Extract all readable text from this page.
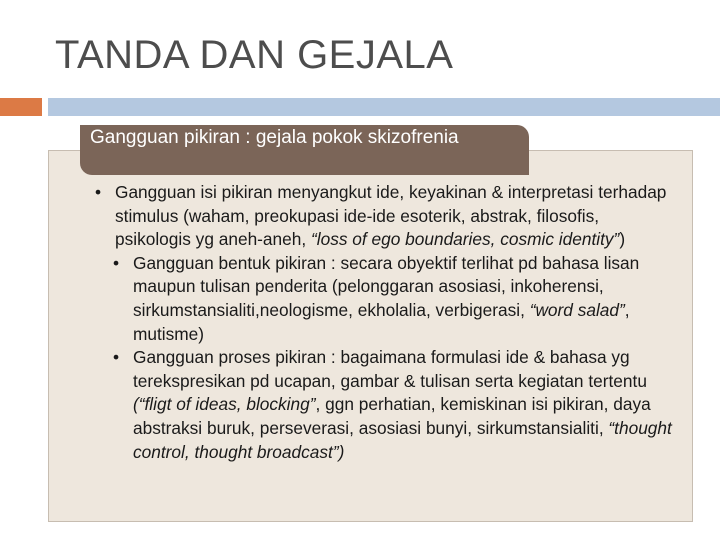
TANDA DAN GEJALA
Gangguan pikiran : gejala pokok skizofrenia
• Gangguan isi pikiran menyangkut ide, keyakinan & interpretasi terhadap stimulus (waham, preokupasi ide-ide esoterik, abstrak, filosofis, psikologis yg aneh-aneh, “loss of ego boundaries, cosmic identity”)
• Gangguan bentuk pikiran : secara obyektif terlihat pd bahasa lisan maupun tulisan penderita (pelonggaran asosiasi, inkoherensi, sirkumstansialiti,neologisme, ekholalia, verbigerasi, “word salad”, mutisme)
• Gangguan proses pikiran : bagaimana formulasi ide & bahasa yg terekspresikan pd ucapan, gambar & tulisan serta kegiatan tertentu (“fligt of ideas, blocking”, ggn perhatian, kemiskinan isi pikiran, daya abstraksi buruk, perseverasi, asosiasi bunyi, sirkumstansialiti, “thought control, thought broadcast”)
